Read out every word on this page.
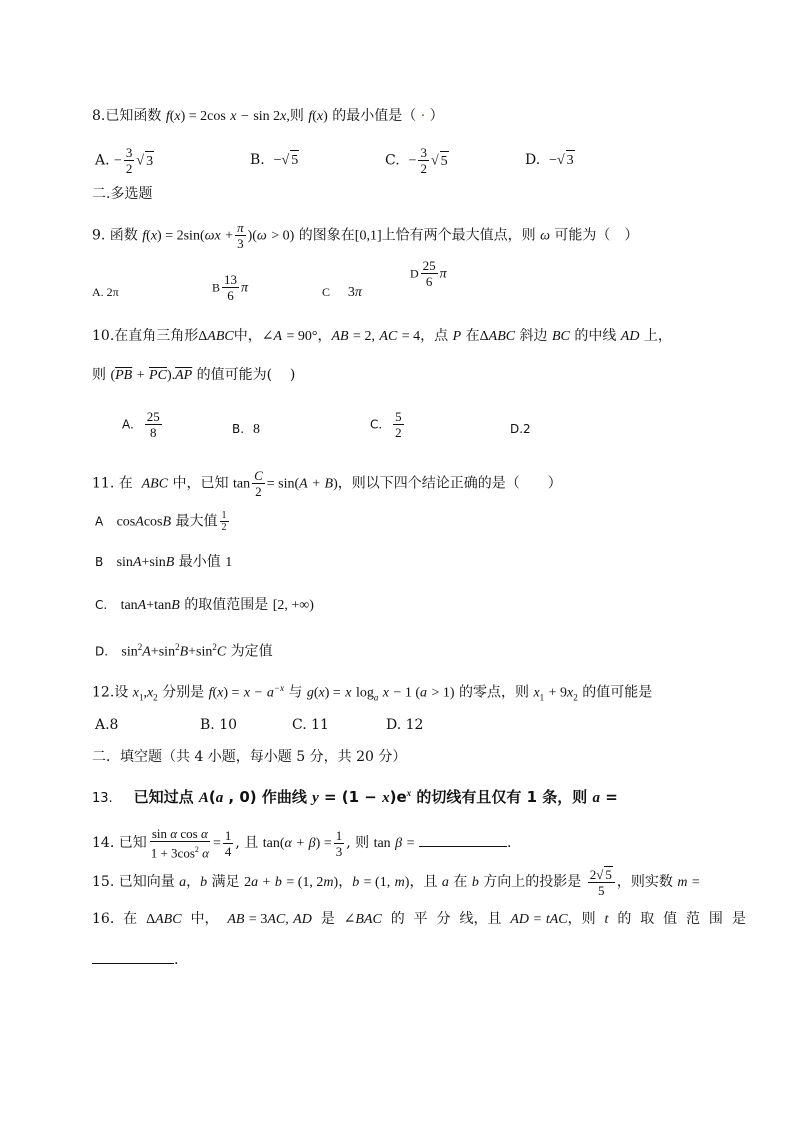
8.已知函数 f(x) = 2cos x − sin 2x,则 f(x) 的最小值是（ · ）
A. − $\frac{3}{2}$ √ 3	B.  −√ 5	C.  − $\frac{3}{2}$ √ 5	D.  −√ 3
二.多选题
9. 函数 $f(x) = 2\sin(\omega x + \frac{\pi}{3} )(\omega > 0)$ 的图象在[0,1]上恰有两个最大值点，则 ω 可能为（　）
A. 2π	B $\frac{13}{6}$ π	C 3π
D $\frac{25}{6}$ π
10.在直角三角形ΔABC中，∠A = 90°，AB = 2, AC = 4，点 P 在ΔABC 斜边 BC 的中线 AD 上，
则 $(\overline{PB} + \overline{PC}).\overline{AP}$ 的值可能为(    )
A. $\frac{25}{8}$	B. 8	C. $\frac{5}{2}$	D.2
11. 在  ABC 中，已知 $\tan \frac{C}{2} = \sin(A + B)$，则以下四个结论正确的是（　　）
A cosAcosB 最大值 $\frac{1}{2}$
B sinA+sinB 最小值 1
C. tanA+tanB 的取值范围是 [2, +∞)
D. $\sin^2A+\sin^2B+\sin^2C$ 为定值
12.设 $x_1,x_2$ 分别是 $f(x) = x - a^{-x}$ 与 g(x) = x $\log_a x - 1$ (a > 1) 的零点，则 $x_1 + 9x_2$ 的值可能是
A.8	B. 10	C. 11	D. 12
二．填空题（共 4 小题，每小题 5 分，共 20 分）
13.    已知过点 A(a , 0) 作曲线 $y = (1 - x)e^x$ 的切线有且仅有 1 条，则 a =
14. 已知 $\frac{\text{sin α cos α}}{1 + 3\cos^2 \alpha} = \frac{1}{4}$ , 且 $\tan(\alpha + \beta) = \frac{1}{3}$ , 则 tan β =	.
15. 已知向量 a，b 满足 2a + b = (1, 2m)，b = (1, m)，且 a 在 b 方向上的投影是 $\frac{2√ 5}{5}$ ，则实数 m =
16.  在  ΔABC  中，  AB = 3AC, AD  是  ∠BAC  的  平  分  线，且  AD = tAC，则  t  的  取  值  范  围  是
.
